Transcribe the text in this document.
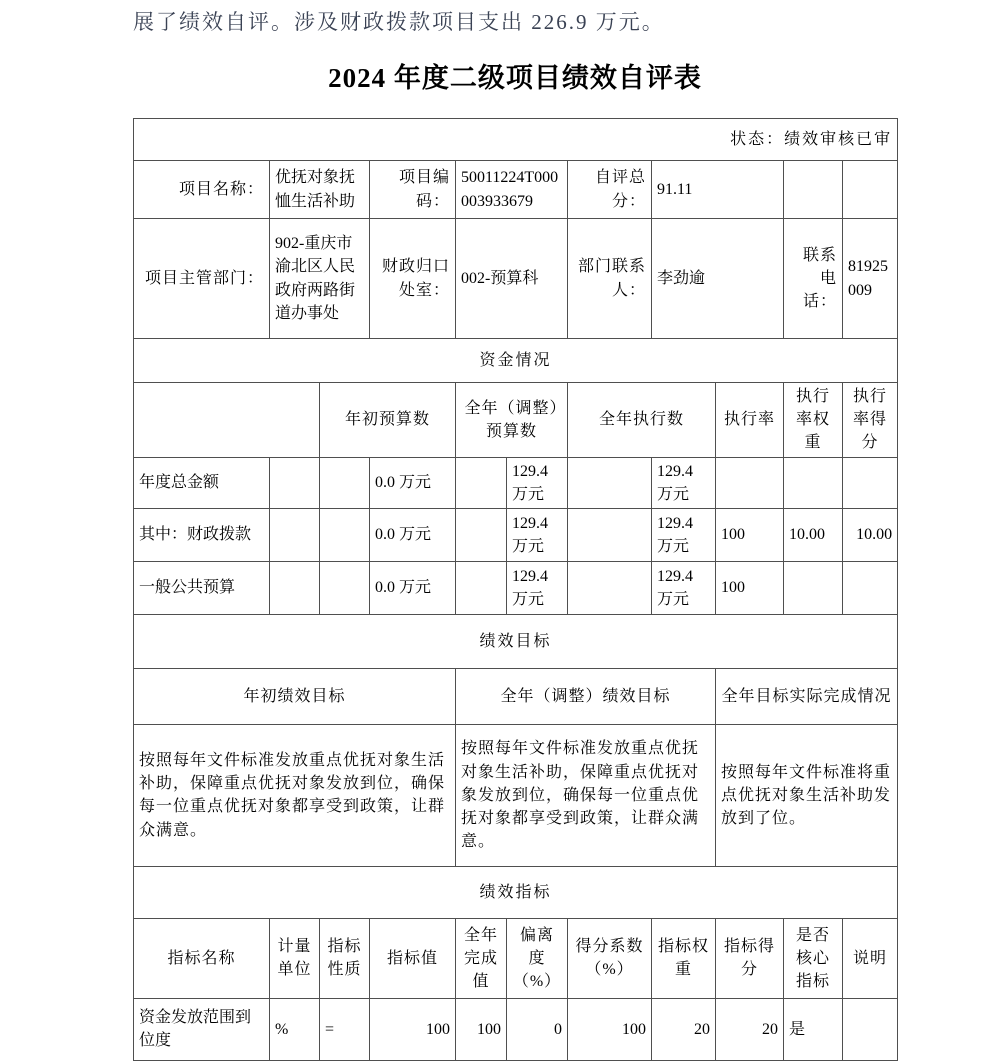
展了绩效自评。涉及财政拨款项目支出 226.9 万元。
2024 年度二级项目绩效自评表
状态：绩效审核已审										
项目名称：	优抚对象抚恤生活补助		项目编码：	50011224T000003933679		自评总分：	91.11			
项目主管部门：	902-重庆市渝北区人民政府两路街道办事处		财政归口处室：	002-预算科		部门联系人：	李劲逾		联系电话：	81925009
资金情况										
		年初预算数		全年（调整）预算数		全年执行数		执行率	执行率权重	执行率得分
年度总金额			0.0 万元		129.4 万元		129.4 万元			
其中：财政拨款			0.0 万元		129.4 万元		129.4 万元	100	10.00	10.00
一般公共预算			0.0 万元		129.4 万元		129.4 万元	100		
绩效目标										
年初绩效目标				全年（调整）绩效目标				全年目标实际完成情况		
按照每年文件标准发放重点优抚对象生活补助，保障重点优抚对象发放到位，确保每一位重点优抚对象都享受到政策，让群众满意。				按照每年文件标准发放重点优抚对象生活补助，保障重点优抚对象发放到位，确保每一位重点优抚对象都享受到政策，让群众满意。				按照每年文件标准将重点优抚对象生活补助发放到了位。		
绩效指标										
指标名称	计量单位	指标性质	指标值	全年完成值	偏离度（%）	得分系数（%）	指标权重	指标得分	是否核心指标	说明
资金发放范围到位度	%	=	100	100	0	100	20	20	是	
